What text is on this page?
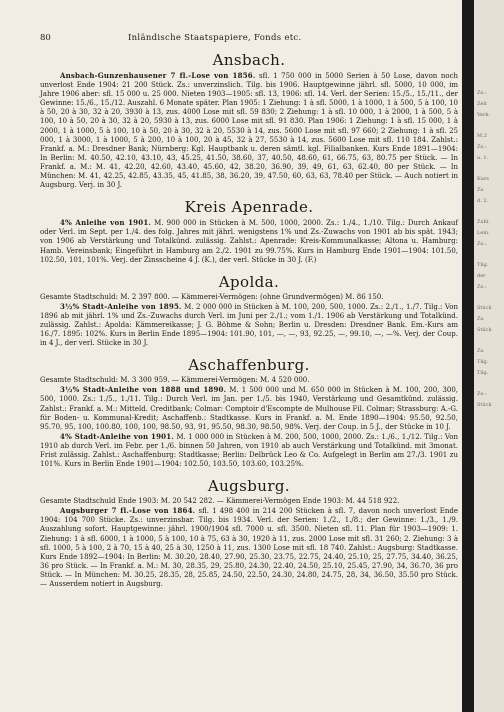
80	Inländische Staatspapiere, Fonds etc.
Ansbach.

Ansbach-Gunzenhausener 7 fl.-Lose von 1856. sfl. 1 750 000 in 5000 Serien à 50 Lose, davon noch unverlost Ende 1904: 21 200 Stück. Zs.: unverzinslich. Tilg. bis 1906. Hauptgewinne jährl. sfl. 5000, 10 000, im Jahre 1906 aber: sfl. 15 000 u. 25 000. Nieten 1903—1905: sfl. 13, 1906: sfl. 14. Verl. der Serien: 15./5., 15./11., der Gewinne: 15./6., 15./12. Auszahl. 6 Monate später. Plan 1905: 1 Ziehung: 1 à sfl. 5000, 1 à 1000, 1 à 500, 5 à 100, 10 à 50, 20 à 30, 32 à 20, 3930 à 13, zus. 4000 Lose mit sfl. 59 830; 2 Ziehung: 1 à sfl. 10 000, 1 à 2000, 1 à 500, 5 à 100, 10 à 50, 20 à 30, 32 à 20, 5930 à 13, zus. 6000 Lose mit sfl. 91 830. Plan 1906: 1 Ziehung: 1 à sfl. 15 000, 1 à 2000, 1 à 1000, 5 à 100, 10 à 50, 20 à 30, 32 à 20, 5530 à 14, zus. 5600 Lose mit sfl. 97 660; 2 Ziehung: 1 à sfl. 25 000, 1 à 3000, 1 à 1000, 5 à 200, 10 à 100, 20 à 45, 32 à 27, 5530 à 14, zus. 5600 Lose mit sfl. 110 184. Zahlst.: Frankf. a. M.: Dresdner Bank; Nürnberg: Kgl. Hauptbank u. deren sämtl. kgl. Filialbanken. Kurs Ende 1891—1904: In Berlin: M. 40.50, 42.10, 43.10, 43, 45.25, 41.50, 38.60, 37, 40.50, 48.60, 61, 66.75, 63, 80.75 per Stück. — In Frankf. a. M.: M. 41, 42.20, 42.60, 43.40, 45.60, 42, 38.20, 36.90, 39, 49, 61, 63, 62.40, 80 per Stück. — In München: M. 41, 42.25, 42.85, 43.35, 45, 41.85, 38, 36.20, 39, 47.50, 60, 63, 63, 78.40 per Stück. — Auch notiert in Augsburg. Verj. in 30 J.

Kreis Apenrade.

4% Anleihe von 1901. M. 900 000 in Stücken à M. 500, 1000, 2000. Zs.: 1./4., 1./10. Tilg.: Durch Ankauf oder Verl. im Sept. per 1./4. des folg. Jahres mit jährl. wenigstens 1% und Zs.-Zuwachs von 1901 ab bis spät. 1943; von 1906 ab Verstärkung und Totalkünd. zulässig. Zahlst.: Apenrade: Kreis-Kommunalkasse; Altona u. Hamburg: Hamb. Vereinsbank; Eingeführt in Hamburg am 2./2. 1901 zu 99.75%. Kurs in Hamburg Ende 1901—1904: 101.50, 102.50, 101, 101%. Verj. der Zinsscheine 4 J. (K.), der verl. Stücke in 30 J. (F.)

Apolda.

Gesamte Stadtschuld: M. 2 397 800. — Kämmerei-Vermögen: (ohne Grundvermögen) M. 86 150.

3½% Stadt-Anleihe von 1895. M. 2 000 000 in Stücken à M. 100, 200, 500, 1000. Zs.: 2./1., 1./7. Tilg.: Von 1896 ab mit jährl. 1% und Zs.-Zuwachs durch Verl. im Juni per 2./1.; vom 1./1. 1906 ab Verstärkung und Totalkünd. zulässig. Zahlst.: Apolda: Kämmereikasse; J. G. Böhme & Sohn; Berlin u. Dresden: Dresdner Bank. Em.-Kurs am 16./7. 1895: 102%. Kurs in Berlin Ende 1895—1904: 101.90, 101, —, —, 93, 92.25, —, 99.10, —, —%. Verj. der Coup. in 4 J., der verl. Stücke in 30 J.

Aschaffenburg.

Gesamte Stadtschuld: M. 3 300 959. — Kämmerei-Vermögen: M. 4 520 000.

3½% Stadt-Anleihe von 1888 und 1890. M. 1 500 000 und M. 650 000 in Stücken à M. 100, 200, 300, 500, 1000. Zs.: 1./5., 1./11. Tilg.: Durch Verl. im Jan. per 1./5. bis 1940, Verstärkung und Gesamtkünd. zulässig. Zahlst.: Frankf. a. M.: Mitteld. Creditbank; Colmar: Comptoir d'Escompte de Mulhouse Fil. Colmar; Strassburg: A.-G. für Boden- u. Kommunal-Kredit; Aschaffenb.: Stadtkasse. Kurs in Frankf. a. M. Ende 1890—1904: 95.50, 92.50, 95.70, 95, 100, 100.80, 100, 100, 98.50, 93, 91, 95.50, 98.30, 98.50, 98%. Verj. der Coup. in 5 J., der Stücke in 10 J.

4% Stadt-Anleihe von 1901. M. 1 000 000 in Stücken à M. 200, 500, 1000, 2000. Zs.: 1./6., 1./12. Tilg.: Von 1910 ab durch Verl. im Febr. per 1./6. binnen 50 Jahren, von 1910 ab auch Verstärkung und Totalkünd. mit 3monat. Frist zulässig. Zahlst.: Aschaffenburg: Stadtkasse; Berlin: Delbrück Leo & Co. Aufgelegt in Berlin am 27./3. 1901 zu 101%. Kurs in Berlin Ende 1901—1904: 102.50, 103.50, 103.60, 103.25%.

Augsburg.

Gesamte Stadtschuld Ende 1903: M. 20 542 282. — Kämmerei-Vermögen Ende 1903: M. 44 518 922.

Augsburger 7 fl.-Lose von 1864. sfl. 1 498 400 in 214 200 Stücken à sfl. 7, davon noch unverlost Ende 1904: 104 700 Stücke. Zs.: unverzinsbar. Tilg. bis 1934. Verl. der Serien: 1./2., 1./8.; der Gewinne: 1./3., 1./9. Auszahlung sofort. Hauptgewinne: jährl. 1900/1904 sfl. 7000 u. sfl. 3500. Nieten sfl. 11. Plan für 1903—1909: 1. Ziehung: 1 à sfl. 6000, 1 à 1000, 5 à 100, 10 à 75, 63 à 30, 1920 à 11, zus. 2000 Lose mit sfl. 31 260; 2. Ziehung: 3 à sfl. 1000, 5 à 100, 2 à 70, 15 à 40, 25 à 30, 1250 à 11, zus. 1300 Lose mit sfl. 18 740. Zahlst.: Augsburg: Stadtkasse. Kurs Ende 1892—1904: In Berlin: M. 30.20, 28.40, 27.90, 25.30, 23.75, 22.75, 24.40, 25.10, 25, 27.75, 34.40, 36.25, 36 pro Stück. — In Frankf. a. M.: M. 30, 28.35, 29, 25.80, 24.30, 22.40, 24.50, 25.10, 25.45, 27.90, 34, 36.70, 36 pro Stück. — In München: M. 30.25, 28.35, 28, 25.85, 24.50, 22.50, 24.30, 24.80, 24.75, 28, 34, 36.50, 35.50 pro Stück. — Ausserdem notiert in Augsburg.

Zs.:
Zeit
Verk.
M.2
Zs.:
u. 1.
Kurs
Zs.
d. 2.
Zahl.
Lein.
Zs.:
Tilg.
der
Zs.:
Stück
Zs.
Stück
Zs.
Tilg.
Tilg.
Zs.:
Stück
